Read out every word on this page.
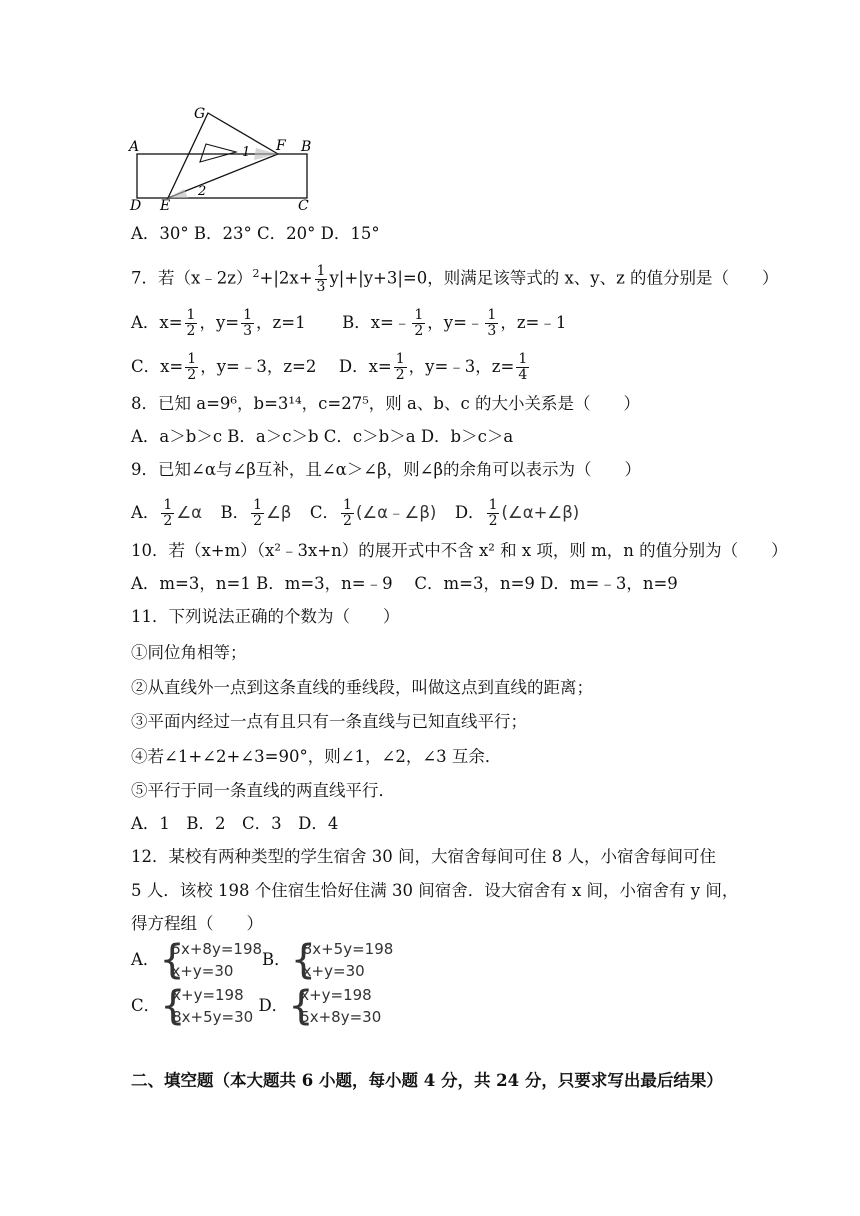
A	B
C
D E
F
G
1
2
A．30° B．23° C．20° D．15°
7．若（x﹣2z）$^2$+|2x+ $\frac{1}{3} y|+|y+3|=0$，则满足该等式的 x、y、z 的值分别是（　　）
A．$x= \frac{1}{2}$ ，$y= \frac{1}{3}$ ，z=1 B．x=﹣ $\frac{1}{2}$ ，y=﹣ $\frac{1}{3}$ ，z=﹣1
C．$x= \frac{1}{2}$ ，y=﹣3，z=2 D．$x= \frac{1}{2}$ ，y=﹣3，$z= \frac{1}{4}$
8．已知 a=9⁶，b=3¹⁴，c=27⁵，则 a、b、c 的大小关系是（　　）
A．a＞b＞c B．a＞c＞b C．c＞b＞a D．b＞c＞a
9．已知∠α与∠β互补，且∠α＞∠β，则∠β的余角可以表示为（　　）
A． $\frac{1}{2}$ ∠α B． $\frac{1}{2}$ ∠β C． $\frac{1}{2}$ (∠α﹣∠β) D． $\frac{1}{2}$ (∠α+∠β)
10．若（x+m）（x²﹣3x+n）的展开式中不含 x² 和 x 项，则 m，n 的值分别为（　　）
A．m=3，n=1 B．m=3，n=﹣9　 C．m=3，n=9 D．m=﹣3，n=9
11．下列说法正确的个数为（　　）
①同位角相等；
②从直线外一点到这条直线的垂线段，叫做这点到直线的距离；
③平面内经过一点有且只有一条直线与已知直线平行；
④若∠1+∠2+∠3=90°，则∠1，∠2，∠3 互余．
⑤平行于同一条直线的两直线平行．
A．1　B．2　C．3　D．4
12．某校有两种类型的学生宿舍 30 间，大宿舍每间可住 8 人，小宿舍每间可住
5 人．该校 198 个住宿生恰好住满 30 间宿舍．设大宿舍有 x 间，小宿舍有 y 间，
得方程组（　　）
A． {
5x+8y=198
x+y=30
B． {
8x+5y=198
x+y=30
C． {
x+y=198
8x+5y=30
D． {
x+y=198
5x+8y=30
二、填空题（本大题共 6 小题，每小题 4 分，共 24 分，只要求写出最后结果）
